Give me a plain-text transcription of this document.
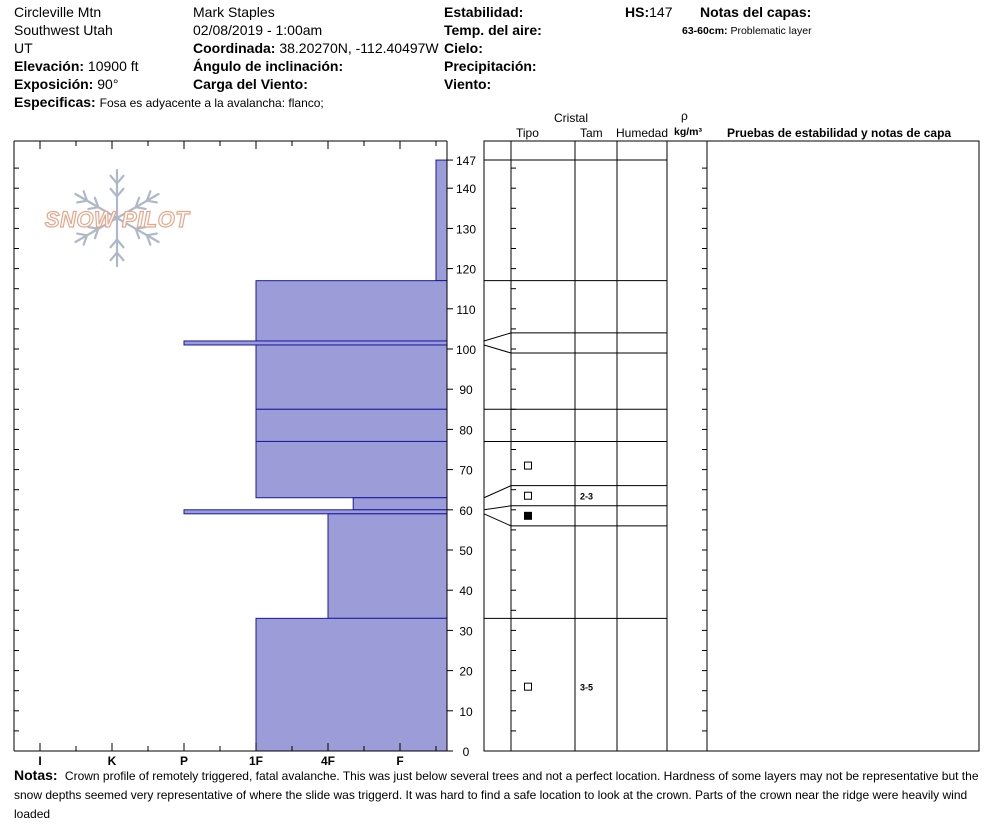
Circleville Mtn
Southwest Utah
UT
Elevación: 10900 ft
Exposición: 90°
Especificas: Fosa es adyacente a la avalancha: flanco;
Mark Staples
02/08/2019 - 1:00am
Coordinada: 38.20270N, -112.40497W
Ángulo de inclinación:
Carga del Viento:
Estabilidad:
Temp. del aire:
Cielo:
Precipitación:
Viento:
HS:147 Notas del capas:
63-60cm: Problematic layer
Cristal
Tipo	Tam Humedad
ρ
kg/m³ Pruebas de estabilidad y notas de capa
SNOW PILOT
2-3
3-5
I	K	P	1F	4F	F
0
10
20
30
40
50
60
70
80
90
100
110
120
130
140
147
Notas: Crown profile of remotely triggered, fatal avalanche. This was just below several trees and not a perfect location. Hardness of some layers may not be representative but the snow depths seemed very representative of where the slide was triggerd. It was hard to find a safe location to look at the crown. Parts of the crown near the ridge were heavily wind loaded
